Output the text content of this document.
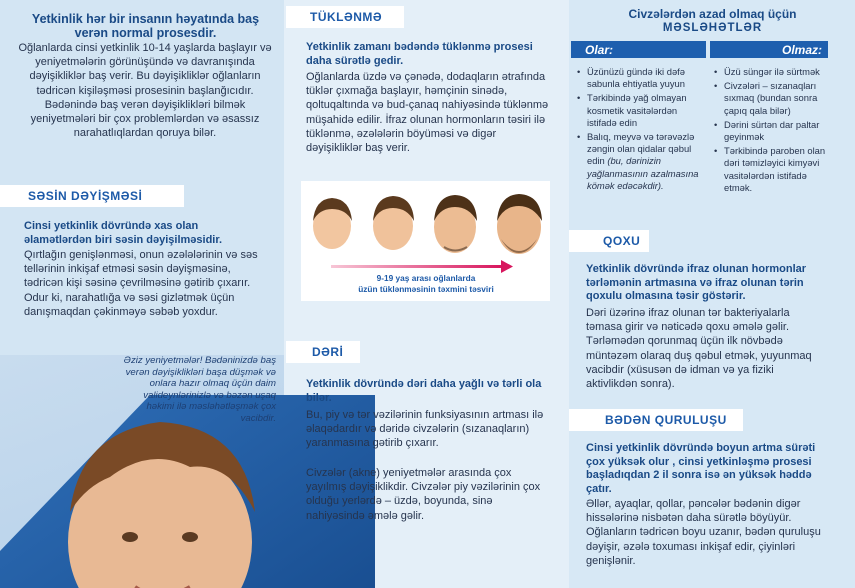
Yetkinlik hər bir insanın həyatında baş verən normal prosesdir.
Oğlanlarda cinsi yetkinlik 10-14 yaşlarda başlayır və yeniyetmələrin görünüşündə və davranışında dəyişikliklər baş verir. Bu dəyişikliklər oğlanların tədricən kişiləşməsi prosesinin başlanğıcıdır. Bədənində baş verən dəyişiklikləri bilmək yeniyetmələri bir çox problemlərdən və əsassız narahatlıqlardan qoruya bilər.
SƏSİN DƏYİŞMƏSİ
Cinsi yetkinlik dövründə xas olan əlamətlərdən biri səsin dəyişilməsidir.
Qırtlağın genişlənməsi, onun əzələlərinin və səs tellərinin inkişaf etməsi səsin dəyişməsinə, tədricən kişi səsinə çevrilməsinə gətirib çıxarır. Odur ki, narahatlığa və səsi gizlətmək üçün danışmaqdan çəkinməyə səbəb yoxdur.
Əziz yeniyetmələr! Bədəninizdə baş verən dəyişiklikləri başa düşmək və onlara hazır olmaq üçün daim valideynlərinizlə və bəzən uşaq həkimi ilə məsləhətləşmək çox vacibdir.
TÜKLƏNMƏ
Yetkinlik zamanı bədəndə tüklənmə prosesi daha sürətlə gedir.
Oğlanlarda üzdə və çənədə, dodaqların ətrafında tüklər çıxmağa başlayır, həmçinin sinədə, qoltuqaltında və bud-çanaq nahiyəsində tüklənmə müşahidə edilir. İfraz olunan hormonların təsiri ilə tüklənmə, əzələlərin böyüməsi və digər dəyişikliklər baş verir.
9-19 yaş arası oğlanlarda
üzün tüklənməsinin təxmini təsviri
DƏRİ
Yetkinlik dövründə dəri daha yağlı və tərli ola bilər.
Bu, piy və tər vəzilərinin funksiyasının artması ilə əlaqədardır və dəridə civzələrin (sızanaqların) yaranmasına gətirib çıxarır.
Civzələr (akne) yeniyetmələr arasında çox yayılmış dəyişiklikdir. Civzələr piy vəzilərinin çox olduğu yerlərdə – üzdə, boyunda, sinə nahiyəsində əmələ gəlir.
Civzələrdən azad olmaq üçün
MƏSLƏHƏTLƏR
Olar:	Olmaz:
• Üzünüzü gündə iki dəfə sabunla ehtiyatla yuyun
• Tərkibində yağ olmayan kosmetik vasitələrdən istifadə edin
• Balıq, meyvə və tərəvəzlə zəngin olan qidalar qəbul edin (bu, dərinizin yağlanmasının azalmasına kömək edəcəkdir).
• Üzü süngər ilə sürtmək
• Civzələri – sızanaqları sıxmaq (bundan sonra çapıq qala bilər)
• Dərini sürtən dar paltar geyinmək
• Tərkibində paroben olan dəri təmizləyici kimyəvi vasitələrdən istifadə etmək.
QOXU
Yetkinlik dövründə ifraz olunan hormonlar tərləmənin artmasına və ifraz olunan tərin qoxulu olmasına təsir göstərir.
Dəri üzərinə ifraz olunan tər bakteriyalarla təmasa girir və nəticədə qoxu əmələ gəlir. Tərləmədən qorunmaq üçün ilk növbədə müntəzəm olaraq duş qəbul etmək, yuyunmaq vacibdir (xüsusən də idman və ya fiziki aktivlikdən sonra).
BƏDƏN QURULUŞU
Cinsi yetkinlik dövründə boyun artma sürəti çox yüksək olur , cinsi yetkinləşmə prosesi başladıqdan 2 il sonra isə ən yüksək həddə çatır.
Əllər, ayaqlar, qollar, pəncələr bədənin digər hissələrinə nisbətən daha sürətlə böyüyür. Oğlanların tədricən boyu uzanır, bədən quruluşu dəyişir, əzələ toxuması inkişaf edir, çiyinləri genişlənir.
